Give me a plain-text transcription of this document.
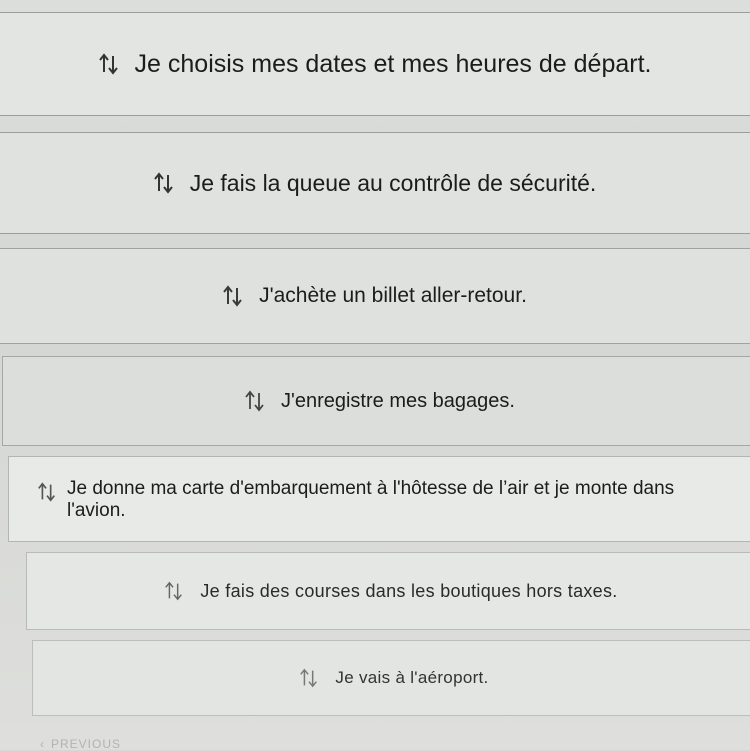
Je choisis mes dates et mes heures de départ.
Je fais la queue au contrôle de sécurité.
J'achète un billet aller-retour.
J'enregistre mes bagages.
Je donne ma carte d'embarquement à l'hôtesse de l’air et je monte dans l'avion.
Je fais des courses dans les boutiques hors taxes.
Je vais à l'aéroport.
‹ PREVIOUS
